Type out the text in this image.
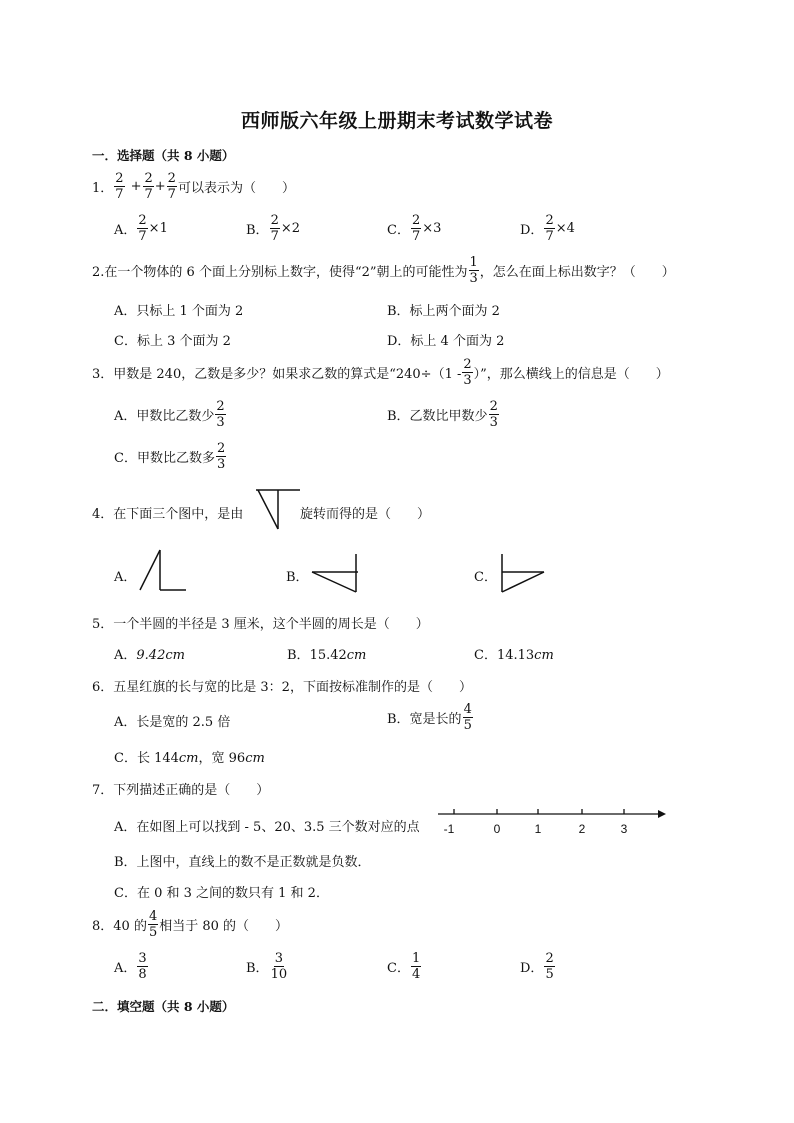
西师版六年级上册期末考试数学试卷
一．选择题（共 8 小题）
1． $\frac{2}{7} + \frac{2}{7} + \frac{2}{7}$ 可以表示为（　　）
A． $\frac{2}{7} \times 1$	B． $\frac{2}{7} \times 2$	C． $\frac{2}{7} \times 3$	D． $\frac{2}{7} \times 4$
2.在一个物体的 6 个面上分别标上数字，使得“2”朝上的可能性为 $\frac{1}{3}$ ，怎么在面上标出数字？（　　）
A．只标上 1 个面为 2	B．标上两个面为 2
C．标上 3 个面为 2	D．标上 4 个面为 2
3．甲数是 240，乙数是多少？如果求乙数的算式是“$240\div(1 - \frac{2}{3}$ ）”，那么横线上的信息是（　　）
A．甲数比乙数少 $\frac{2}{3}$	B．乙数比甲数少 $\frac{2}{3}$
C．甲数比乙数多 $\frac{2}{3}$
4．在下面三个图中，是由	旋转而得的是（　　）
A．	B．	C．
5．一个半圆的半径是 3 厘米，这个半圆的周长是（　　）
A．9.42cm	B．15.42cm	C．14.13cm
6．五星红旗的长与宽的比是 3：2，下面按标准制作的是（　　）
A．长是宽的 2.5 倍	B．宽是长的 $\frac{4}{5}$
C．长 144cm，宽 96cm
7．下列描述正确的是（　　）
A．在如图上可以找到 - 5、20、3.5 三个数对应的点 -1	0	1	2	3
B．上图中，直线上的数不是正数就是负数．
C．在 0 和 3 之间的数只有 1 和 2．
8．40 的 $\frac{4}{5}$ 相当于 80 的（　　）
A． $\frac{3}{8}$	B． $\frac{3}{10}$	C． $\frac{1}{4}$	D． $\frac{2}{5}$
二．填空题（共 8 小题）
